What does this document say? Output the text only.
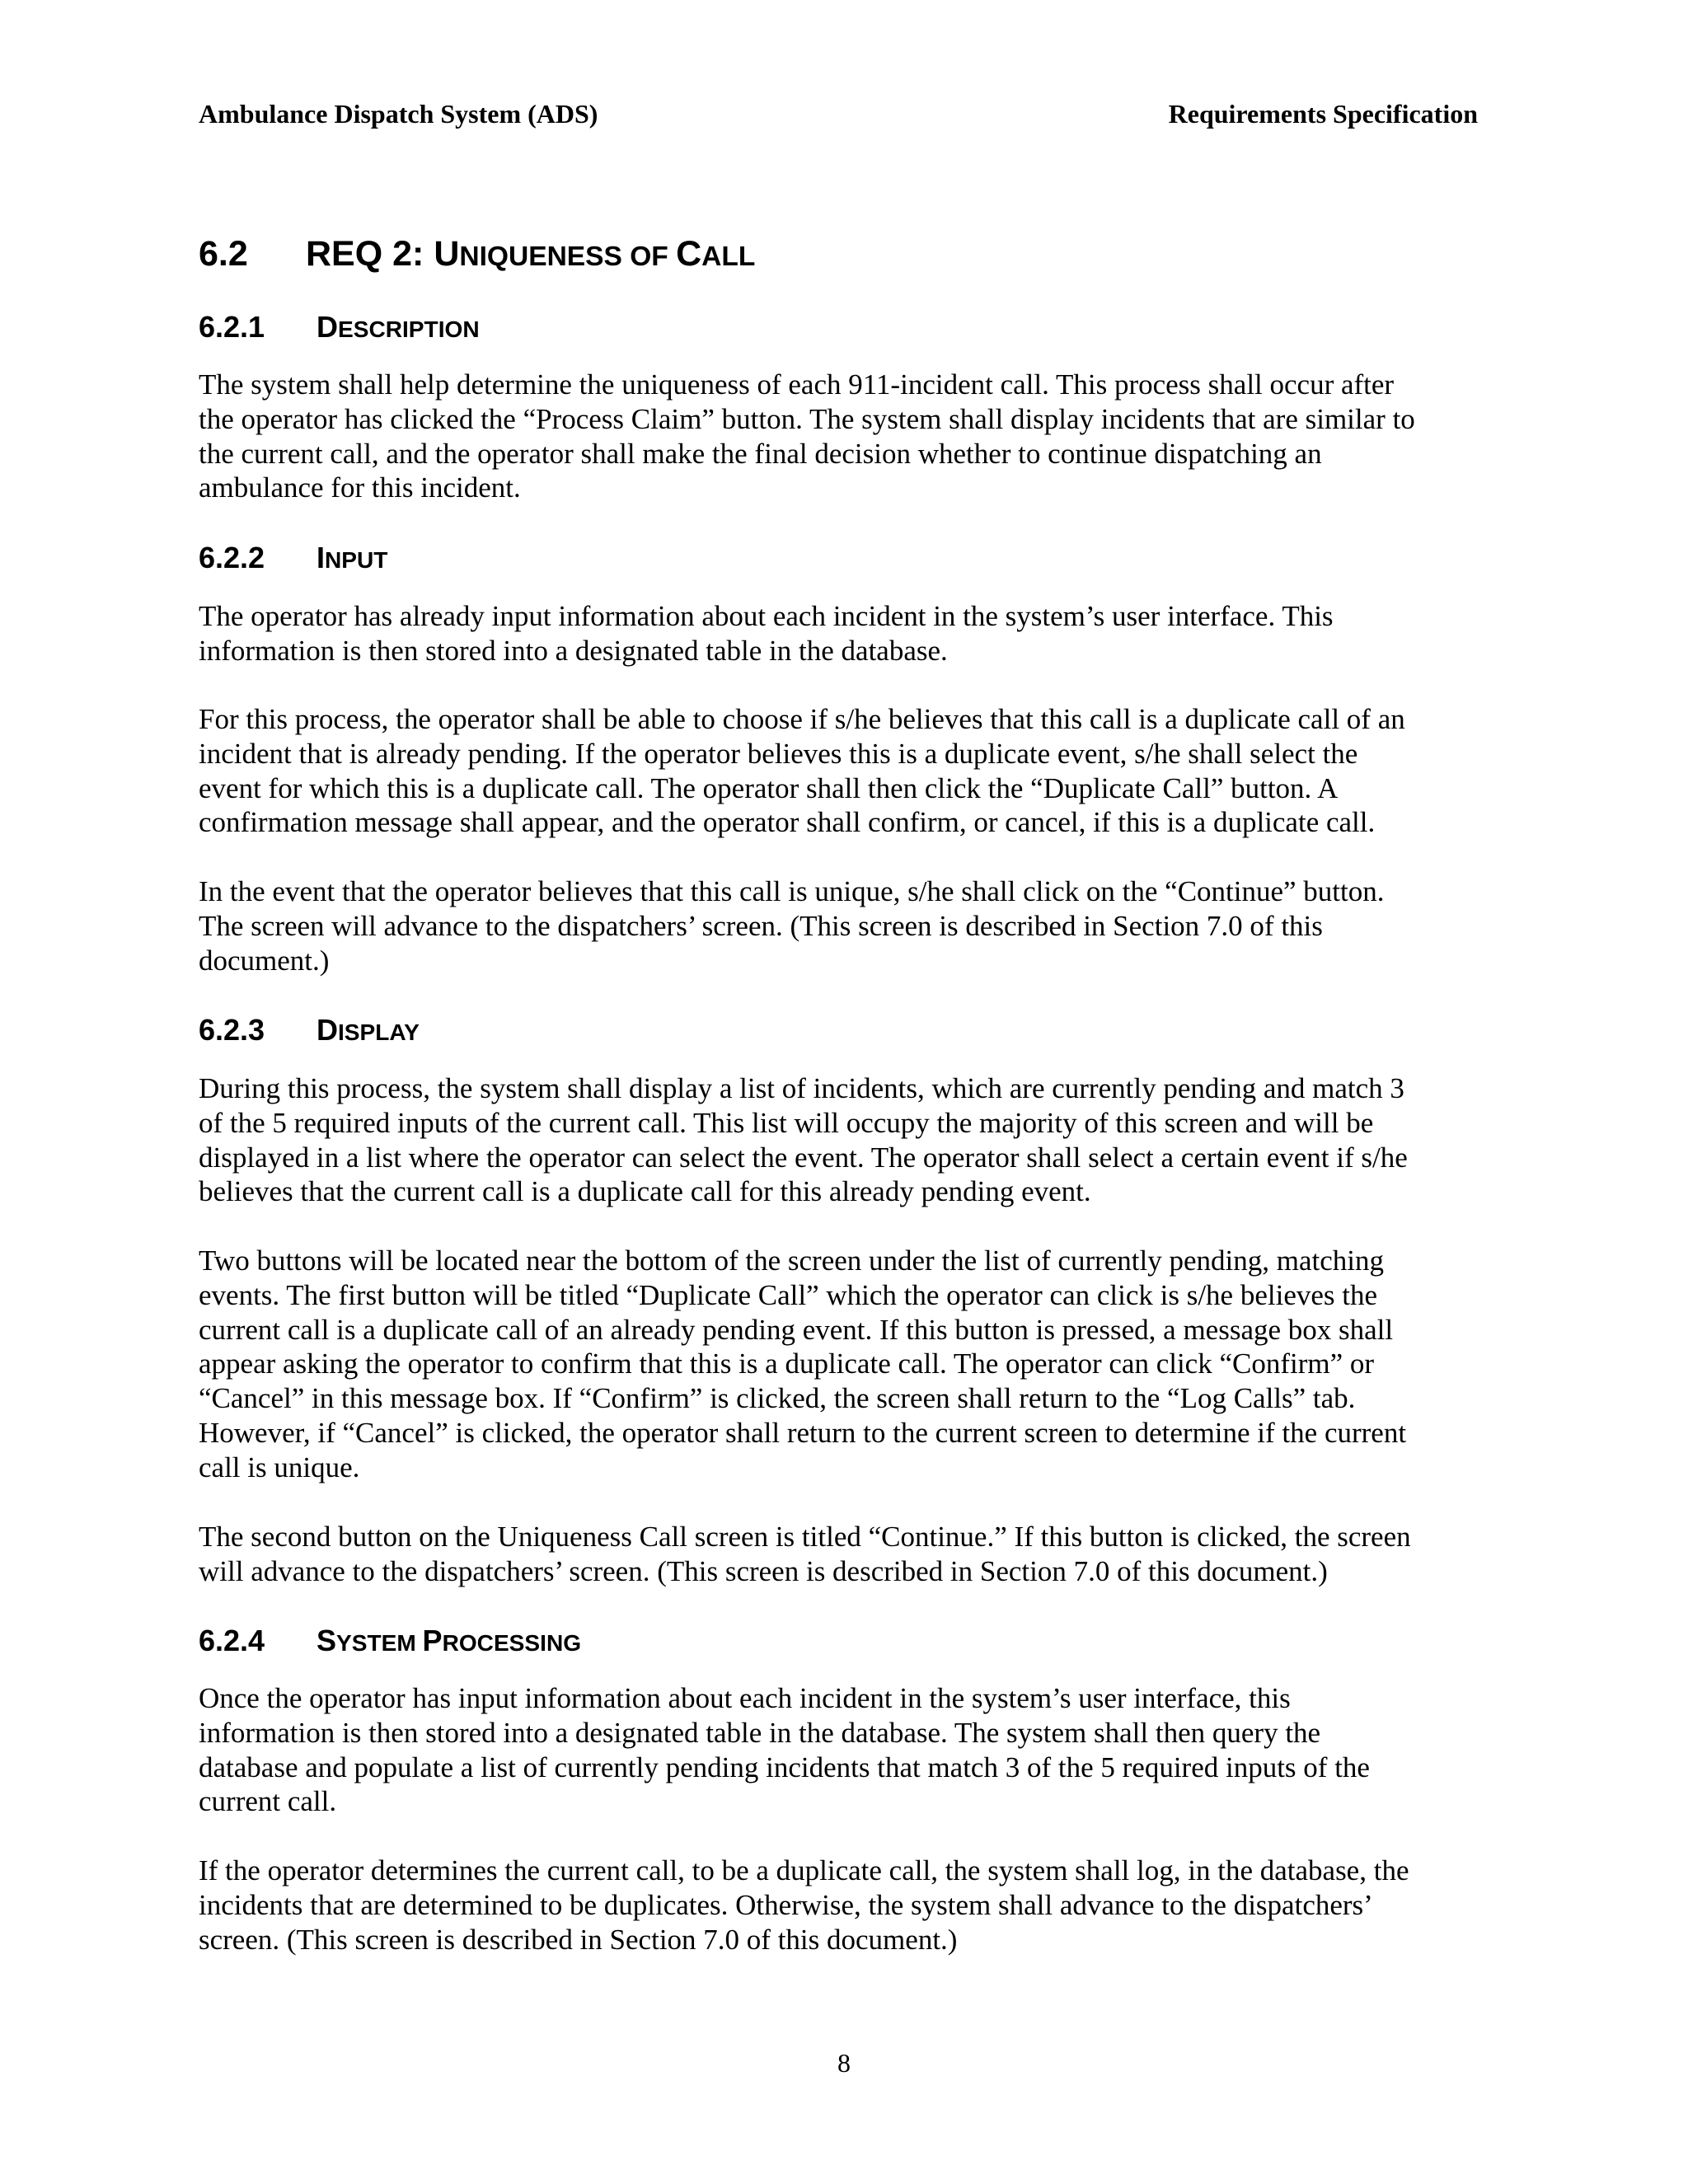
Ambulance Dispatch System (ADS)	Requirements Specification
6.2 REQ 2: UNIQUENESS OF CALL
6.2.1 DESCRIPTION

The system shall help determine the uniqueness of each 911-incident call. This process shall occur after
the operator has clicked the “Process Claim” button. The system shall display incidents that are similar to
the current call, and the operator shall make the final decision whether to continue dispatching an
ambulance for this incident.

6.2.2 INPUT

The operator has already input information about each incident in the system’s user interface. This
information is then stored into a designated table in the database.

For this process, the operator shall be able to choose if s/he believes that this call is a duplicate call of an
incident that is already pending. If the operator believes this is a duplicate event, s/he shall select the
event for which this is a duplicate call. The operator shall then click the “Duplicate Call” button. A
confirmation message shall appear, and the operator shall confirm, or cancel, if this is a duplicate call.

In the event that the operator believes that this call is unique, s/he shall click on the “Continue” button.
The screen will advance to the dispatchers’ screen. (This screen is described in Section 7.0 of this
document.)

6.2.3 DISPLAY

During this process, the system shall display a list of incidents, which are currently pending and match 3
of the 5 required inputs of the current call. This list will occupy the majority of this screen and will be
displayed in a list where the operator can select the event. The operator shall select a certain event if s/he
believes that the current call is a duplicate call for this already pending event.

Two buttons will be located near the bottom of the screen under the list of currently pending, matching
events. The first button will be titled “Duplicate Call” which the operator can click is s/he believes the
current call is a duplicate call of an already pending event. If this button is pressed, a message box shall
appear asking the operator to confirm that this is a duplicate call. The operator can click “Confirm” or
“Cancel” in this message box. If “Confirm” is clicked, the screen shall return to the “Log Calls” tab.
However, if “Cancel” is clicked, the operator shall return to the current screen to determine if the current
call is unique.

The second button on the Uniqueness Call screen is titled “Continue.” If this button is clicked, the screen
will advance to the dispatchers’ screen. (This screen is described in Section 7.0 of this document.)

6.2.4 SYSTEM PROCESSING

Once the operator has input information about each incident in the system’s user interface, this
information is then stored into a designated table in the database. The system shall then query the
database and populate a list of currently pending incidents that match 3 of the 5 required inputs of the
current call.

If the operator determines the current call, to be a duplicate call, the system shall log, in the database, the
incidents that are determined to be duplicates. Otherwise, the system shall advance to the dispatchers’
screen. (This screen is described in Section 7.0 of this document.)

8
